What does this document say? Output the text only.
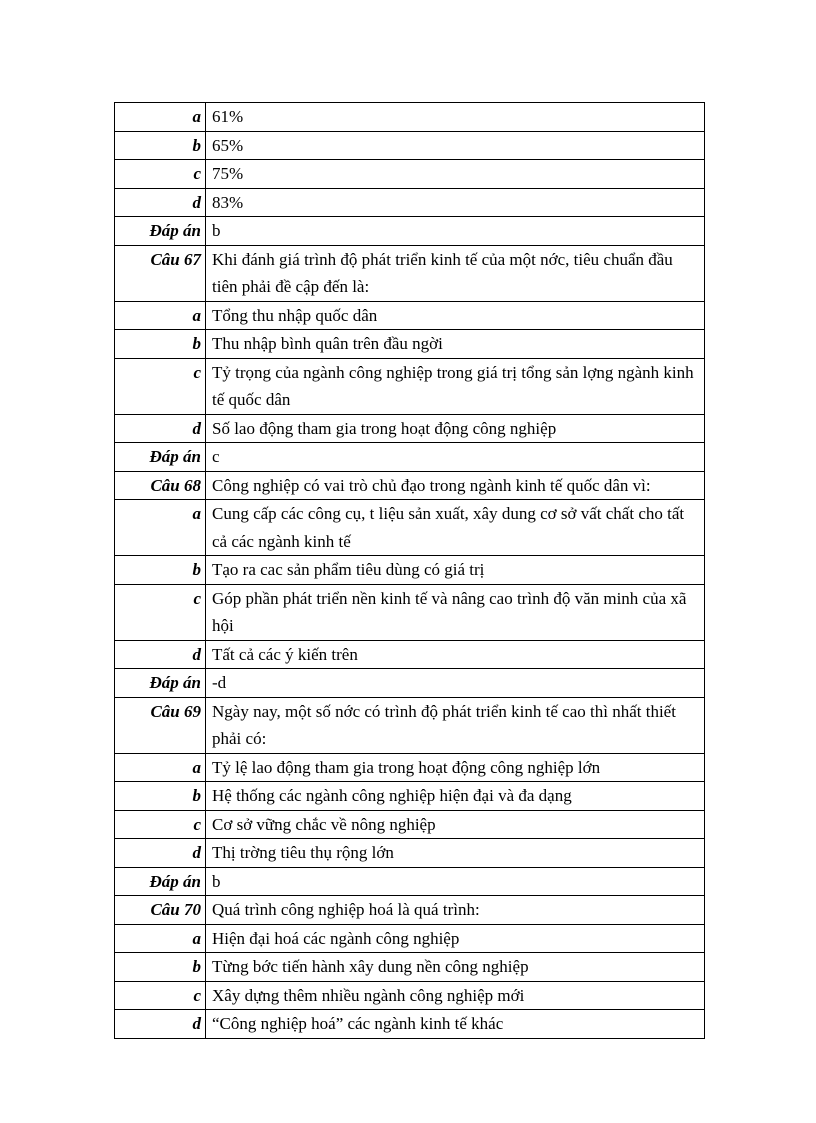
a	61%
b	65%
c	75%
d	83%
Đáp án	b
Câu 67	Khi đánh giá trình độ phát triển kinh tế của một nớc, tiêu chuẩn đầu tiên phải đề cập đến là:
a	Tổng thu nhập quốc dân
b	Thu nhập bình quân trên đầu ngời
c	Tỷ trọng của ngành công nghiệp trong giá trị tổng sản lợng ngành kinh tế quốc dân
d	Số lao động tham gia trong hoạt động công nghiệp
Đáp án	c
Câu 68	Công nghiệp có vai trò chủ đạo trong ngành kinh tế quốc dân vì:
a	Cung cấp các công cụ, t liệu sản xuất, xây dung cơ sở vất chất cho tất cả các ngành kinh tế
b	Tạo ra cac sản phẩm tiêu dùng có giá trị
c	Góp phần phát triển nền kinh tế và nâng cao trình độ văn minh của xã hội
d	Tất cả các ý kiến trên
Đáp án	-d
Câu 69	Ngày nay, một số nớc có trình độ phát triển kinh tế cao thì nhất thiết phải có:
a	Tỷ lệ lao động tham gia trong hoạt động công nghiệp lớn
b	Hệ thống các ngành công nghiệp hiện đại và đa dạng
c	Cơ sở vững chắc về nông nghiệp
d	Thị trờng tiêu thụ rộng lớn
Đáp án	b
Câu 70	Quá trình công nghiệp hoá là quá trình:
a	Hiện đại hoá các ngành công nghiệp
b	Từng bớc tiến hành xây dung nền công nghiệp
c	Xây dựng thêm nhiều ngành công nghiệp mới
d	“Công nghiệp hoá” các ngành kinh tế khác
